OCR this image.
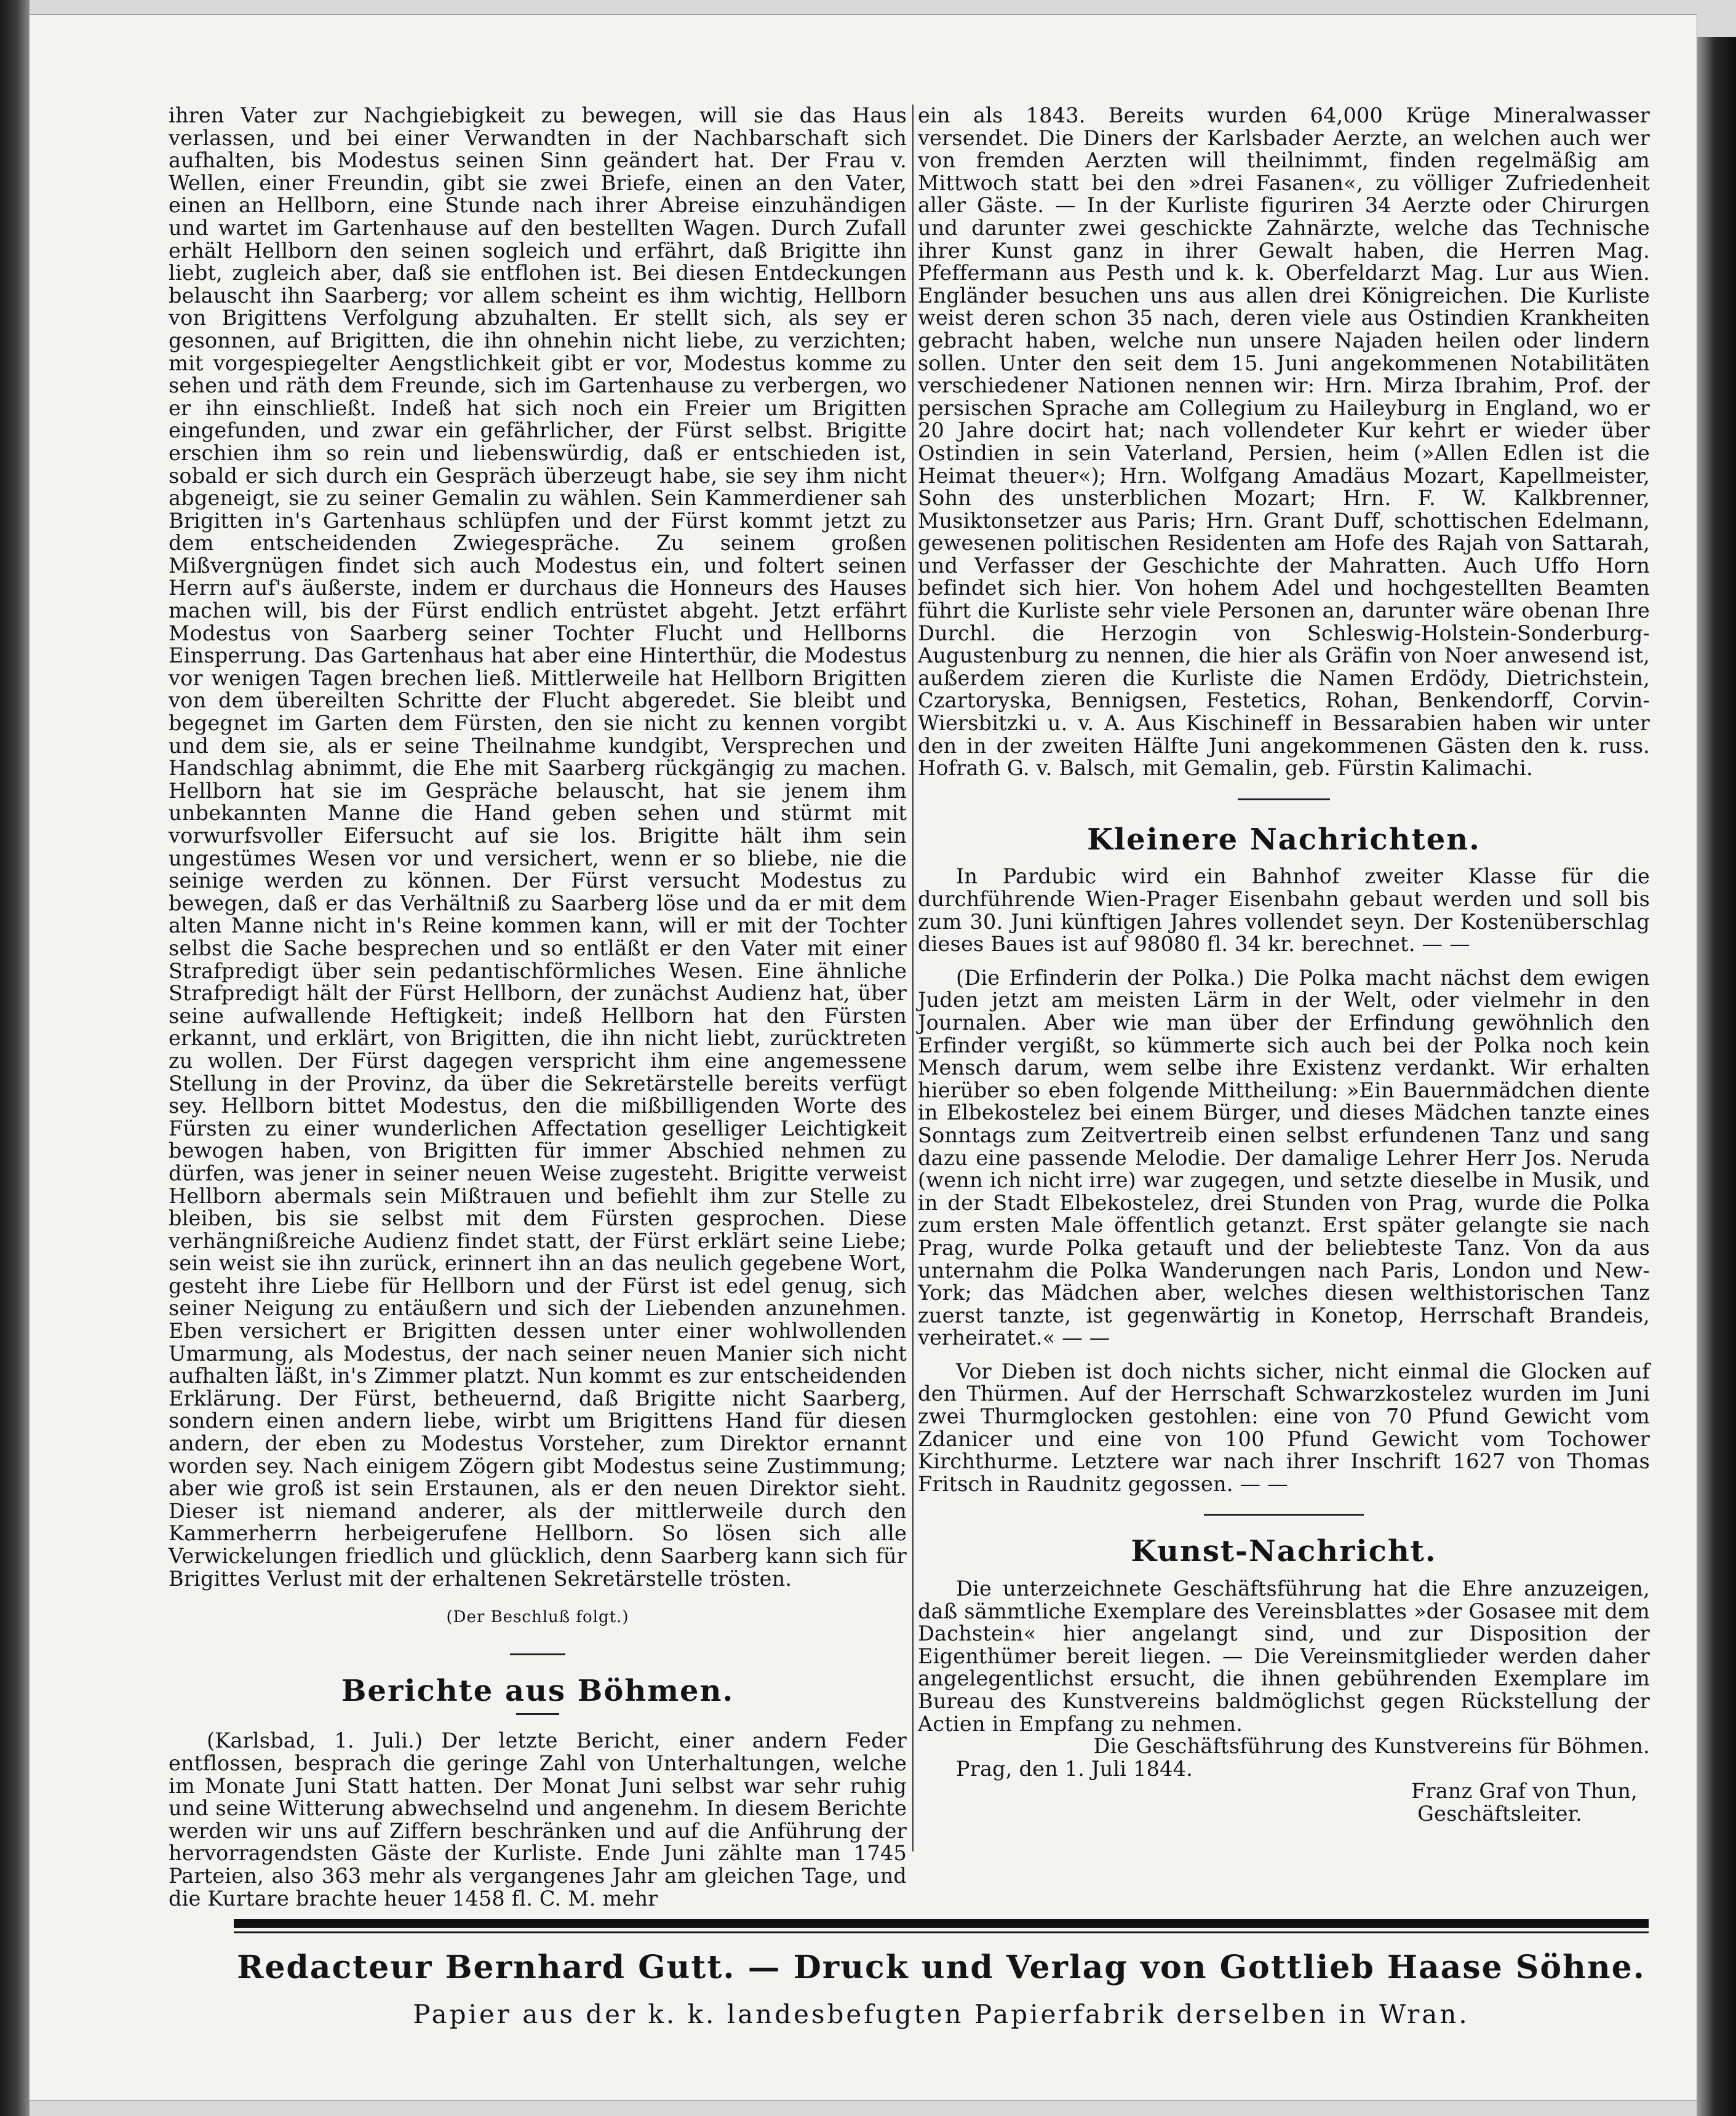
ihren Vater zur Nachgiebigkeit zu bewegen, will sie das Haus verlassen, und bei einer Verwandten in der Nachbarschaft sich aufhalten, bis Modestus seinen Sinn geändert hat. Der Frau v. Wellen, einer Freundin, gibt sie zwei Briefe, einen an den Vater, einen an Hellborn, eine Stunde nach ihrer Abreise einzuhändigen und wartet im Gartenhause auf den bestellten Wagen. Durch Zufall erhält Hellborn den seinen sogleich und erfährt, daß Brigitte ihn liebt, zugleich aber, daß sie entflohen ist. Bei diesen Entdeckungen belauscht ihn Saarberg; vor allem scheint es ihm wichtig, Hellborn von Brigittens Verfolgung abzuhalten. Er stellt sich, als sey er gesonnen, auf Brigitten, die ihn ohnehin nicht liebe, zu verzichten; mit vorgespiegelter Aengstlichkeit gibt er vor, Modestus komme zu sehen und räth dem Freunde, sich im Gartenhause zu verbergen, wo er ihn einschließt. Indeß hat sich noch ein Freier um Brigitten eingefunden, und zwar ein gefährlicher, der Fürst selbst. Brigitte erschien ihm so rein und liebenswürdig, daß er entschieden ist, sobald er sich durch ein Gespräch überzeugt habe, sie sey ihm nicht abgeneigt, sie zu seiner Gemalin zu wählen. Sein Kammerdiener sah Brigitten in's Gartenhaus schlüpfen und der Fürst kommt jetzt zu dem entscheidenden Zwiegespräche. Zu seinem großen Mißvergnügen findet sich auch Modestus ein, und foltert seinen Herrn auf's äußerste, indem er durchaus die Honneurs des Hauses machen will, bis der Fürst endlich entrüstet abgeht. Jetzt erfährt Modestus von Saarberg seiner Tochter Flucht und Hellborns Einsperrung. Das Gartenhaus hat aber eine Hinterthür, die Modestus vor wenigen Tagen brechen ließ. Mittlerweile hat Hellborn Brigitten von dem übereilten Schritte der Flucht abgeredet. Sie bleibt und begegnet im Garten dem Fürsten, den sie nicht zu kennen vorgibt und dem sie, als er seine Theilnahme kundgibt, Versprechen und Handschlag abnimmt, die Ehe mit Saarberg rückgängig zu machen. Hellborn hat sie im Gespräche belauscht, hat sie jenem ihm unbekannten Manne die Hand geben sehen und stürmt mit vorwurfsvoller Eifersucht auf sie los. Brigitte hält ihm sein ungestümes Wesen vor und versichert, wenn er so bliebe, nie die seinige werden zu können. Der Fürst versucht Modestus zu bewegen, daß er das Verhältniß zu Saarberg löse und da er mit dem alten Manne nicht in's Reine kommen kann, will er mit der Tochter selbst die Sache besprechen und so entläßt er den Vater mit einer Strafpredigt über sein pedantischförmliches Wesen. Eine ähnliche Strafpredigt hält der Fürst Hellborn, der zunächst Audienz hat, über seine aufwallende Heftigkeit; indeß Hellborn hat den Fürsten erkannt, und erklärt, von Brigitten, die ihn nicht liebt, zurücktreten zu wollen. Der Fürst dagegen verspricht ihm eine angemessene Stellung in der Provinz, da über die Sekretärstelle bereits verfügt sey. Hellborn bittet Modestus, den die mißbilligenden Worte des Fürsten zu einer wunderlichen Affectation geselliger Leichtigkeit bewogen haben, von Brigitten für immer Abschied nehmen zu dürfen, was jener in seiner neuen Weise zugesteht. Brigitte verweist Hellborn abermals sein Mißtrauen und befiehlt ihm zur Stelle zu bleiben, bis sie selbst mit dem Fürsten gesprochen. Diese verhängnißreiche Audienz findet statt, der Fürst erklärt seine Liebe; sein weist sie ihn zurück, erinnert ihn an das neulich gegebene Wort, gesteht ihre Liebe für Hellborn und der Fürst ist edel genug, sich seiner Neigung zu entäußern und sich der Liebenden anzunehmen. Eben versichert er Brigitten dessen unter einer wohlwollenden Umarmung, als Modestus, der nach seiner neuen Manier sich nicht aufhalten läßt, in's Zimmer platzt. Nun kommt es zur entscheidenden Erklärung. Der Fürst, betheuernd, daß Brigitte nicht Saarberg, sondern einen andern liebe, wirbt um Brigittens Hand für diesen andern, der eben zu Modestus Vorsteher, zum Direktor ernannt worden sey. Nach einigem Zögern gibt Modestus seine Zustimmung; aber wie groß ist sein Erstaunen, als er den neuen Direktor sieht. Dieser ist niemand anderer, als der mittlerweile durch den Kammerherrn herbeigerufene Hellborn. So lösen sich alle Verwickelungen friedlich und glücklich, denn Saarberg kann sich für Brigittes Verlust mit der erhaltenen Sekretärstelle trösten.

(Der Beschluß folgt.)
Berichte aus Böhmen.

(Karlsbad, 1. Juli.) Der letzte Bericht, einer andern Feder entflossen, besprach die geringe Zahl von Unterhaltungen, welche im Monate Juni Statt hatten. Der Monat Juni selbst war sehr ruhig und seine Witterung abwechselnd und angenehm. In diesem Berichte werden wir uns auf Ziffern beschränken und auf die Anführung der hervorragendsten Gäste der Kurliste. Ende Juni zählte man 1745 Parteien, also 363 mehr als vergangenes Jahr am gleichen Tage, und die Kurtare brachte heuer 1458 fl. C. M. mehr

ein als 1843. Bereits wurden 64,000 Krüge Mineralwasser versendet. Die Diners der Karlsbader Aerzte, an welchen auch wer von fremden Aerzten will theilnimmt, finden regelmäßig am Mittwoch statt bei den »drei Fasanen«, zu völliger Zufriedenheit aller Gäste. — In der Kurliste figuriren 34 Aerzte oder Chirurgen und darunter zwei geschickte Zahnärzte, welche das Technische ihrer Kunst ganz in ihrer Gewalt haben, die Herren Mag. Pfeffermann aus Pesth und k. k. Oberfeldarzt Mag. Lur aus Wien. Engländer besuchen uns aus allen drei Königreichen. Die Kurliste weist deren schon 35 nach, deren viele aus Ostindien Krankheiten gebracht haben, welche nun unsere Najaden heilen oder lindern sollen. Unter den seit dem 15. Juni angekommenen Notabilitäten verschiedener Nationen nennen wir: Hrn. Mirza Ibrahim, Prof. der persischen Sprache am Collegium zu Haileyburg in England, wo er 20 Jahre docirt hat; nach vollendeter Kur kehrt er wieder über Ostindien in sein Vaterland, Persien, heim (»Allen Edlen ist die Heimat theuer«); Hrn. Wolfgang Amadäus Mozart, Kapellmeister, Sohn des unsterblichen Mozart; Hrn. F. W. Kalkbrenner, Musiktonsetzer aus Paris; Hrn. Grant Duff, schottischen Edelmann, gewesenen politischen Residenten am Hofe des Rajah von Sattarah, und Verfasser der Geschichte der Mahratten. Auch Uffo Horn befindet sich hier. Von hohem Adel und hochgestellten Beamten führt die Kurliste sehr viele Personen an, darunter wäre obenan Ihre Durchl. die Herzogin von Schleswig-Holstein-Sonderburg-Augustenburg zu nennen, die hier als Gräfin von Noer anwesend ist, außerdem zieren die Kurliste die Namen Erdödy, Dietrichstein, Czartoryska, Bennigsen, Festetics, Rohan, Benkendorff, Corvin-Wiersbitzki u. v. A. Aus Kischineff in Bessarabien haben wir unter den in der zweiten Hälfte Juni angekommenen Gästen den k. russ. Hofrath G. v. Balsch, mit Gemalin, geb. Fürstin Kalimachi.

Kleinere Nachrichten.

In Pardubic wird ein Bahnhof zweiter Klasse für die durchführende Wien-Prager Eisenbahn gebaut werden und soll bis zum 30. Juni künftigen Jahres vollendet seyn. Der Kostenüberschlag dieses Baues ist auf 98080 fl. 34 kr. berechnet. — —

(Die Erfinderin der Polka.) Die Polka macht nächst dem ewigen Juden jetzt am meisten Lärm in der Welt, oder vielmehr in den Journalen. Aber wie man über der Erfindung gewöhnlich den Erfinder vergißt, so kümmerte sich auch bei der Polka noch kein Mensch darum, wem selbe ihre Existenz verdankt. Wir erhalten hierüber so eben folgende Mittheilung: »Ein Bauernmädchen diente in Elbekostelez bei einem Bürger, und dieses Mädchen tanzte eines Sonntags zum Zeitvertreib einen selbst erfundenen Tanz und sang dazu eine passende Melodie. Der damalige Lehrer Herr Jos. Neruda (wenn ich nicht irre) war zugegen, und setzte dieselbe in Musik, und in der Stadt Elbekostelez, drei Stunden von Prag, wurde die Polka zum ersten Male öffentlich getanzt. Erst später gelangte sie nach Prag, wurde Polka getauft und der beliebteste Tanz. Von da aus unternahm die Polka Wanderungen nach Paris, London und New-York; das Mädchen aber, welches diesen welthistorischen Tanz zuerst tanzte, ist gegenwärtig in Konetop, Herrschaft Brandeis, verheiratet.« — —

Vor Dieben ist doch nichts sicher, nicht einmal die Glocken auf den Thürmen. Auf der Herrschaft Schwarzkostelez wurden im Juni zwei Thurmglocken gestohlen: eine von 70 Pfund Gewicht vom Zdanicer und eine von 100 Pfund Gewicht vom Tochower Kirchthurme. Letztere war nach ihrer Inschrift 1627 von Thomas Fritsch in Raudnitz gegossen. — —

Kunst-Nachricht.

Die unterzeichnete Geschäftsführung hat die Ehre anzuzeigen, daß sämmtliche Exemplare des Vereinsblattes »der Gosasee mit dem Dachstein« hier angelangt sind, und zur Disposition der Eigenthümer bereit liegen. — Die Vereinsmitglieder werden daher angelegentlichst ersucht, die ihnen gebührenden Exemplare im Bureau des Kunstvereins baldmöglichst gegen Rückstellung der Actien in Empfang zu nehmen.

Die Geschäftsführung des Kunstvereins für Böhmen.

Prag, den 1. Juli 1844.

Franz Graf von Thun,

Geschäftsleiter.

Redacteur Bernhard Gutt. — Druck und Verlag von Gottlieb Haase Söhne.
Papier aus der k. k. landesbefugten Papierfabrik derselben in Wran.
